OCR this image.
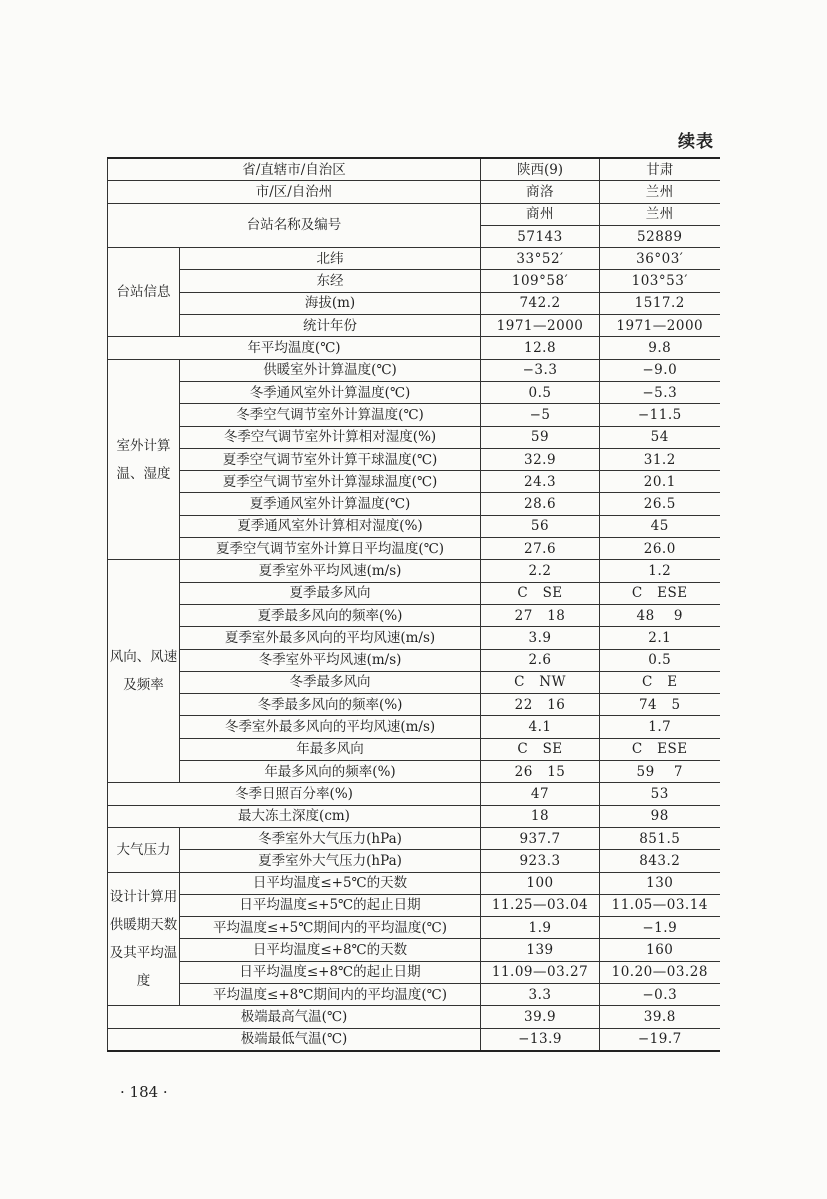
续表
省/直辖市/自治区		陕西(9)	甘肃
市/区/自治州		商洛	兰州
台站名称及编号		商州	兰州
		57143	52889
台站信息	北纬	33°52′	36°03′
	东经	109°58′	103°53′
	海拔(m)	742.2	1517.2
	统计年份	1971—2000	1971—2000
年平均温度(℃)		12.8	9.8
室外计算温、湿度	供暖室外计算温度(℃)	−3.3	−9.0
	冬季通风室外计算温度(℃)	0.5	−5.3
	冬季空气调节室外计算温度(℃)	−5	−11.5
	冬季空气调节室外计算相对湿度(%)	59	54
	夏季空气调节室外计算干球温度(℃)	32.9	31.2
	夏季空气调节室外计算湿球温度(℃)	24.3	20.1
	夏季通风室外计算温度(℃)	28.6	26.5
	夏季通风室外计算相对湿度(%)	56	45
	夏季空气调节室外计算日平均温度(℃)	27.6	26.0
风向、风速及频率	夏季室外平均风速(m/s)	2.2	1.2
	夏季最多风向	C   SE	C   ESE
	夏季最多风向的频率(%)	27   18	48    9
	夏季室外最多风向的平均风速(m/s)	3.9	2.1
	冬季室外平均风速(m/s)	2.6	0.5
	冬季最多风向	C   NW	C   E
	冬季最多风向的频率(%)	22   16	74   5
	冬季室外最多风向的平均风速(m/s)	4.1	1.7
	年最多风向	C   SE	C   ESE
	年最多风向的频率(%)	26   15	59    7
冬季日照百分率(%)		47	53
最大冻土深度(cm)		18	98
大气压力	冬季室外大气压力(hPa)	937.7	851.5
	夏季室外大气压力(hPa)	923.3	843.2
设计计算用供暖期天数及其平均温度	日平均温度≤+5℃的天数	100	130
	日平均温度≤+5℃的起止日期	11.25—03.04	11.05—03.14
	平均温度≤+5℃期间内的平均温度(℃)	1.9	−1.9
	日平均温度≤+8℃的天数	139	160
	日平均温度≤+8℃的起止日期	11.09—03.27	10.20—03.28
	平均温度≤+8℃期间内的平均温度(℃)	3.3	−0.3
极端最高气温(℃)		39.9	39.8
极端最低气温(℃)		−13.9	−19.7
· 184 ·
